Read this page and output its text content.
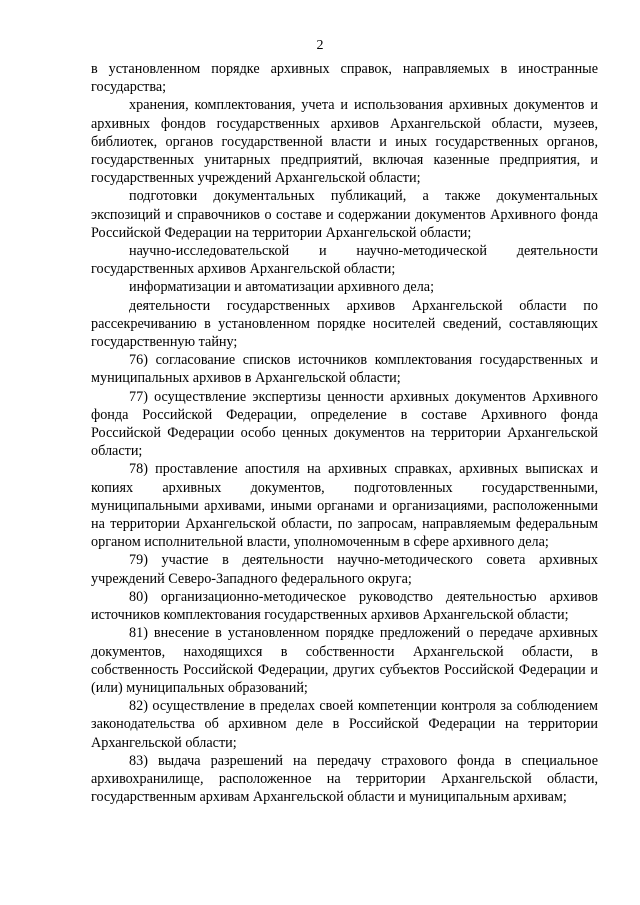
2

в установленном порядке архивных справок, направляемых в иностранные государства;

хранения, комплектования, учета и использования архивных документов и архивных фондов государственных архивов Архангельской области, музеев, библиотек, органов государственной власти и иных государственных органов, государственных унитарных предприятий, включая казенные предприятия, и государственных учреждений Архангельской области;

подготовки документальных публикаций, а также документальных экспозиций и справочников о составе и содержании документов Архивного фонда Российской Федерации на территории Архангельской области;

научно-исследовательской и научно-методической деятельности государственных архивов Архангельской области;

информатизации и автоматизации архивного дела;

деятельности государственных архивов Архангельской области по рассекречиванию в установленном порядке носителей сведений, составляющих государственную тайну;

76) согласование списков источников комплектования государственных и муниципальных архивов в Архангельской области;

77) осуществление экспертизы ценности архивных документов Архивного фонда Российской Федерации, определение в составе Архивного фонда Российской Федерации особо ценных документов на территории Архангельской области;

78) проставление апостиля на архивных справках, архивных выписках и копиях архивных документов, подготовленных государственными, муниципальными архивами, иными органами и организациями, расположенными на территории Архангельской области, по запросам, направляемым федеральным органом исполнительной власти, уполномоченным в сфере архивного дела;

79) участие в деятельности научно-методического совета архивных учреждений Северо-Западного федерального округа;

80) организационно-методическое руководство деятельностью архивов источников комплектования государственных архивов Архангельской области;

81) внесение в установленном порядке предложений о передаче архивных документов, находящихся в собственности Архангельской области, в собственность Российской Федерации, других субъектов Российской Федерации и (или) муниципальных образований;

82) осуществление в пределах своей компетенции контроля за соблюдением законодательства об архивном деле в Российской Федерации на территории Архангельской области;

83) выдача разрешений на передачу страхового фонда в специальное архивохранилище, расположенное на территории Архангельской области, государственным архивам Архангельской области и муниципальным архивам;
